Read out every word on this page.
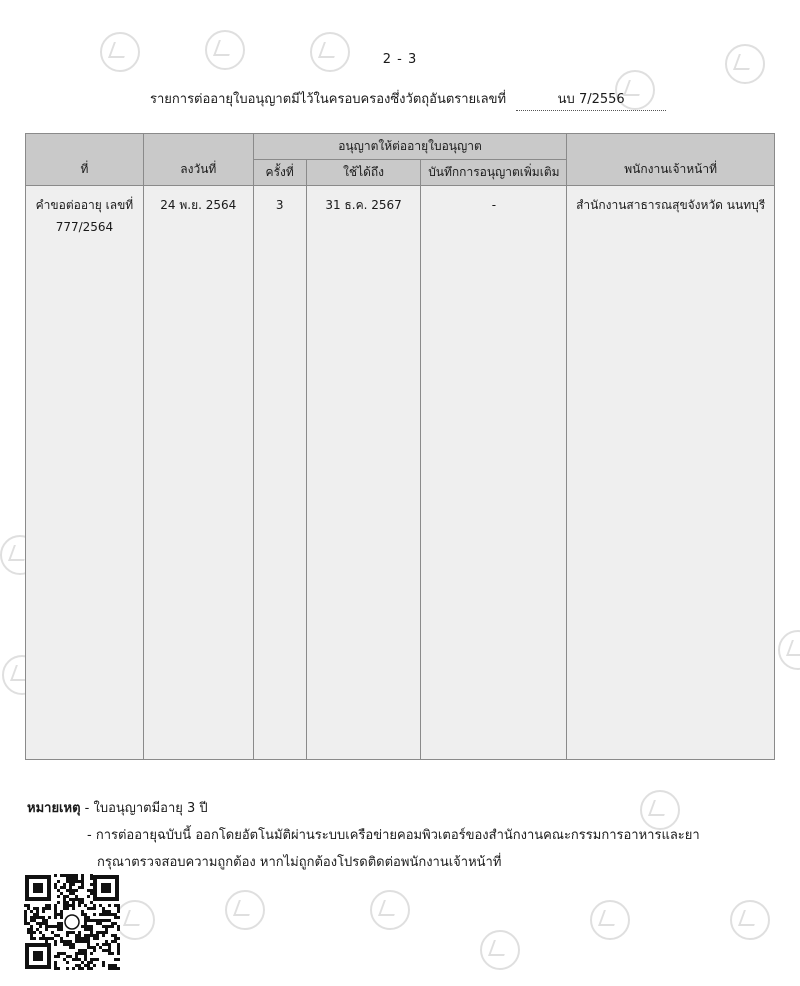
2 - 3
รายการต่ออายุใบอนุญาตมีไว้ในครอบครองซึ่งวัตถุอันตรายเลขที่	นบ 7/2556
ที่	ลงวันที่	อนุญาตให้ต่ออายุใบอนุญาต			พนักงานเจ้าหน้าที่
		ครั้งที่	ใช้ได้ถึง	บันทึกการอนุญาตเพิ่มเติม	

คำขอต่ออายุ เลขที่
777/2564	24 พ.ย. 2564	3	31 ธ.ค. 2567	-	สำนักงานสาธารณสุขจังหวัด นนทบุรี
หมายเหตุ - ใบอนุญาตมีอายุ 3 ปี
- การต่ออายุฉบับนี้ ออกโดยอัตโนมัติผ่านระบบเครือข่ายคอมพิวเตอร์ของสำนักงานคณะกรรมการอาหารและยา
กรุณาตรวจสอบความถูกต้อง หากไม่ถูกต้องโปรดติดต่อพนักงานเจ้าหน้าที่
